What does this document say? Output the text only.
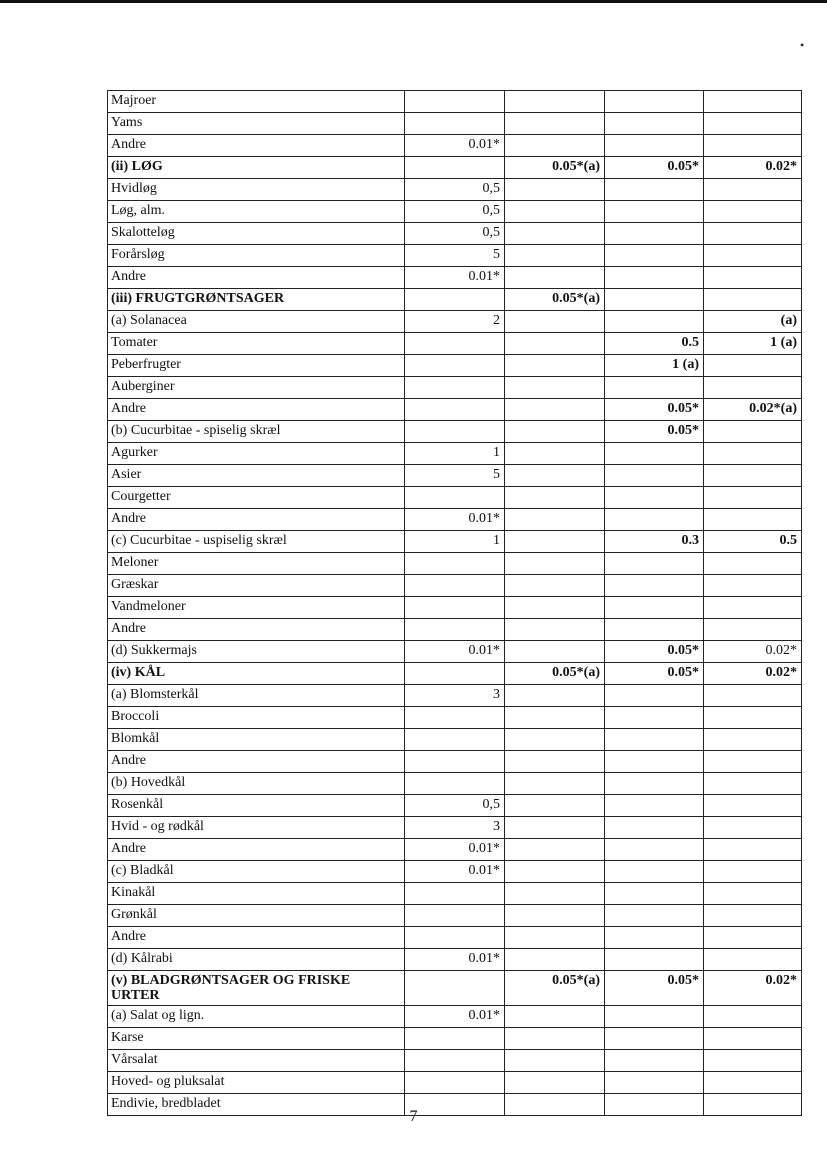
•
Majroer				
Yams				
Andre	0.01*			
(ii) LØG		0.05*(a)	0.05*	0.02*
Hvidløg	0,5			
Løg, alm.	0,5			
Skalotteløg	0,5			
Forårsløg	5			
Andre	0.01*			
(iii) FRUGTGRØNTSAGER		0.05*(a)		
(a) Solanacea	2			(a)
Tomater			0.5	1 (a)
Peberfrugter			1 (a)	
Auberginer				
Andre			0.05*	0.02*(a)
(b) Cucurbitae - spiselig skræl			0.05*	
Agurker	1			
Asier	5			
Courgetter				
Andre	0.01*			
(c) Cucurbitae - uspiselig skræl	1		0.3	0.5
Meloner				
Græskar				
Vandmeloner				
Andre				
(d) Sukkermajs	0.01*		0.05*	0.02*
(iv) KÅL		0.05*(a)	0.05*	0.02*
(a) Blomsterkål	3			
Broccoli				
Blomkål				
Andre				
(b) Hovedkål				
Rosenkål	0,5			
Hvid - og rødkål	3			
Andre	0.01*			
(c) Bladkål	0.01*			
Kinakål				
Grønkål				
Andre				
(d) Kålrabi	0.01*			
(v) BLADGRØNTSAGER OG FRISKE URTER		0.05*(a)	0.05*	0.02*
(a) Salat og lign.	0.01*			
Karse				
Vårsalat				
Hoved- og pluksalat				
Endivie, bredbladet				
7
